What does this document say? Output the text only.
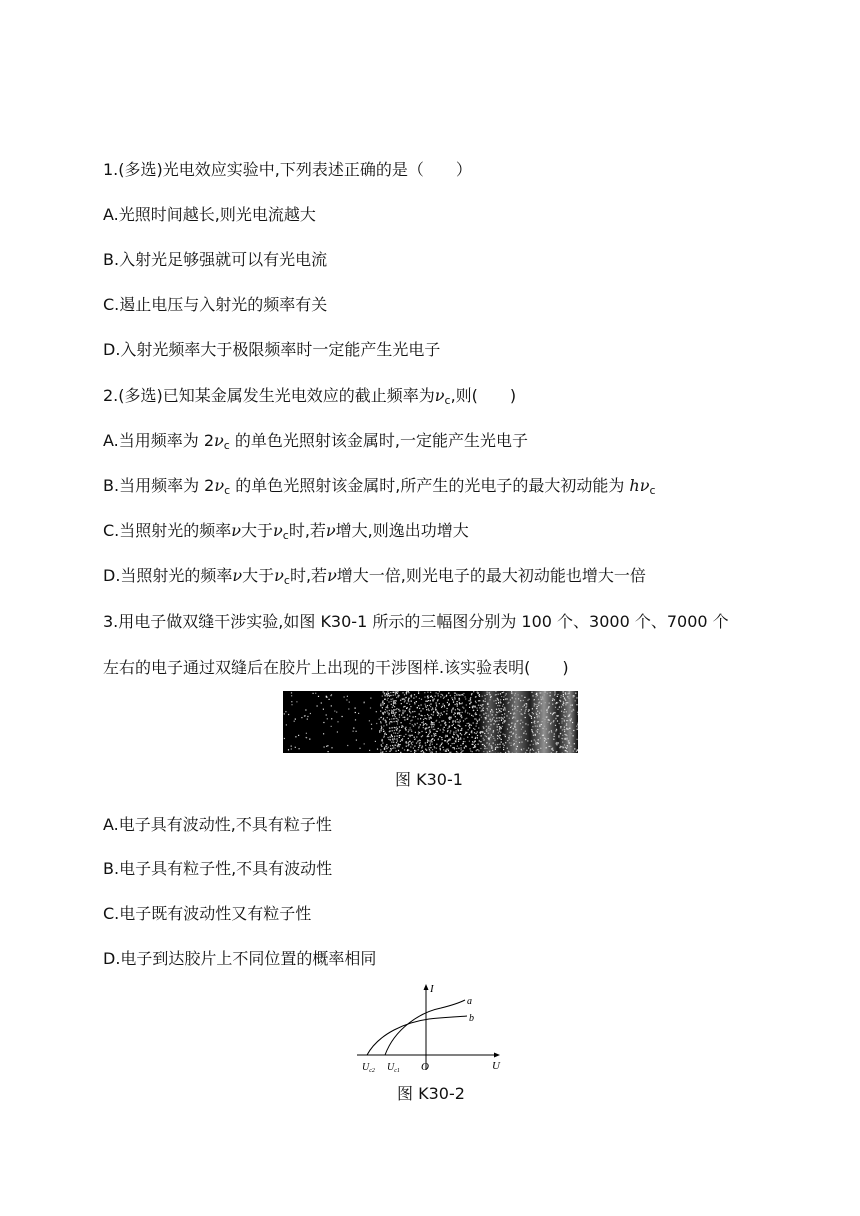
1.(多选)光电效应实验中,下列表述正确的是（　　）
A.光照时间越长,则光电流越大
B.入射光足够强就可以有光电流
C.遏止电压与入射光的频率有关
D.入射光频率大于极限频率时一定能产生光电子
2.(多选)已知某金属发生光电效应的截止频率为$\nu_c$,则(　　)
A.当用频率为 $2\nu_c$ 的单色光照射该金属时,一定能产生光电子
B.当用频率为 $2\nu_c$ 的单色光照射该金属时,所产生的光电子的最大初动能为 $h\nu_c$
C.当照射光的频率ν大于$\nu_c$时,若ν增大,则逸出功增大
D.当照射光的频率ν大于$\nu_c$时,若ν增大一倍,则光电子的最大初动能也增大一倍
3.用电子做双缝干涉实验,如图 K30-1 所示的三幅图分别为 100 个、3000 个、7000 个
左右的电子通过双缝后在胶片上出现的干涉图样.该实验表明(　　)
图 K30-1
A.电子具有波动性,不具有粒子性
B.电子具有粒子性,不具有波动性
C.电子既有波动性又有粒子性
D.电子到达胶片上不同位置的概率相同
I
U
O
a
b
$U_{c2}$ $U_{c1}$
图 K30-2
